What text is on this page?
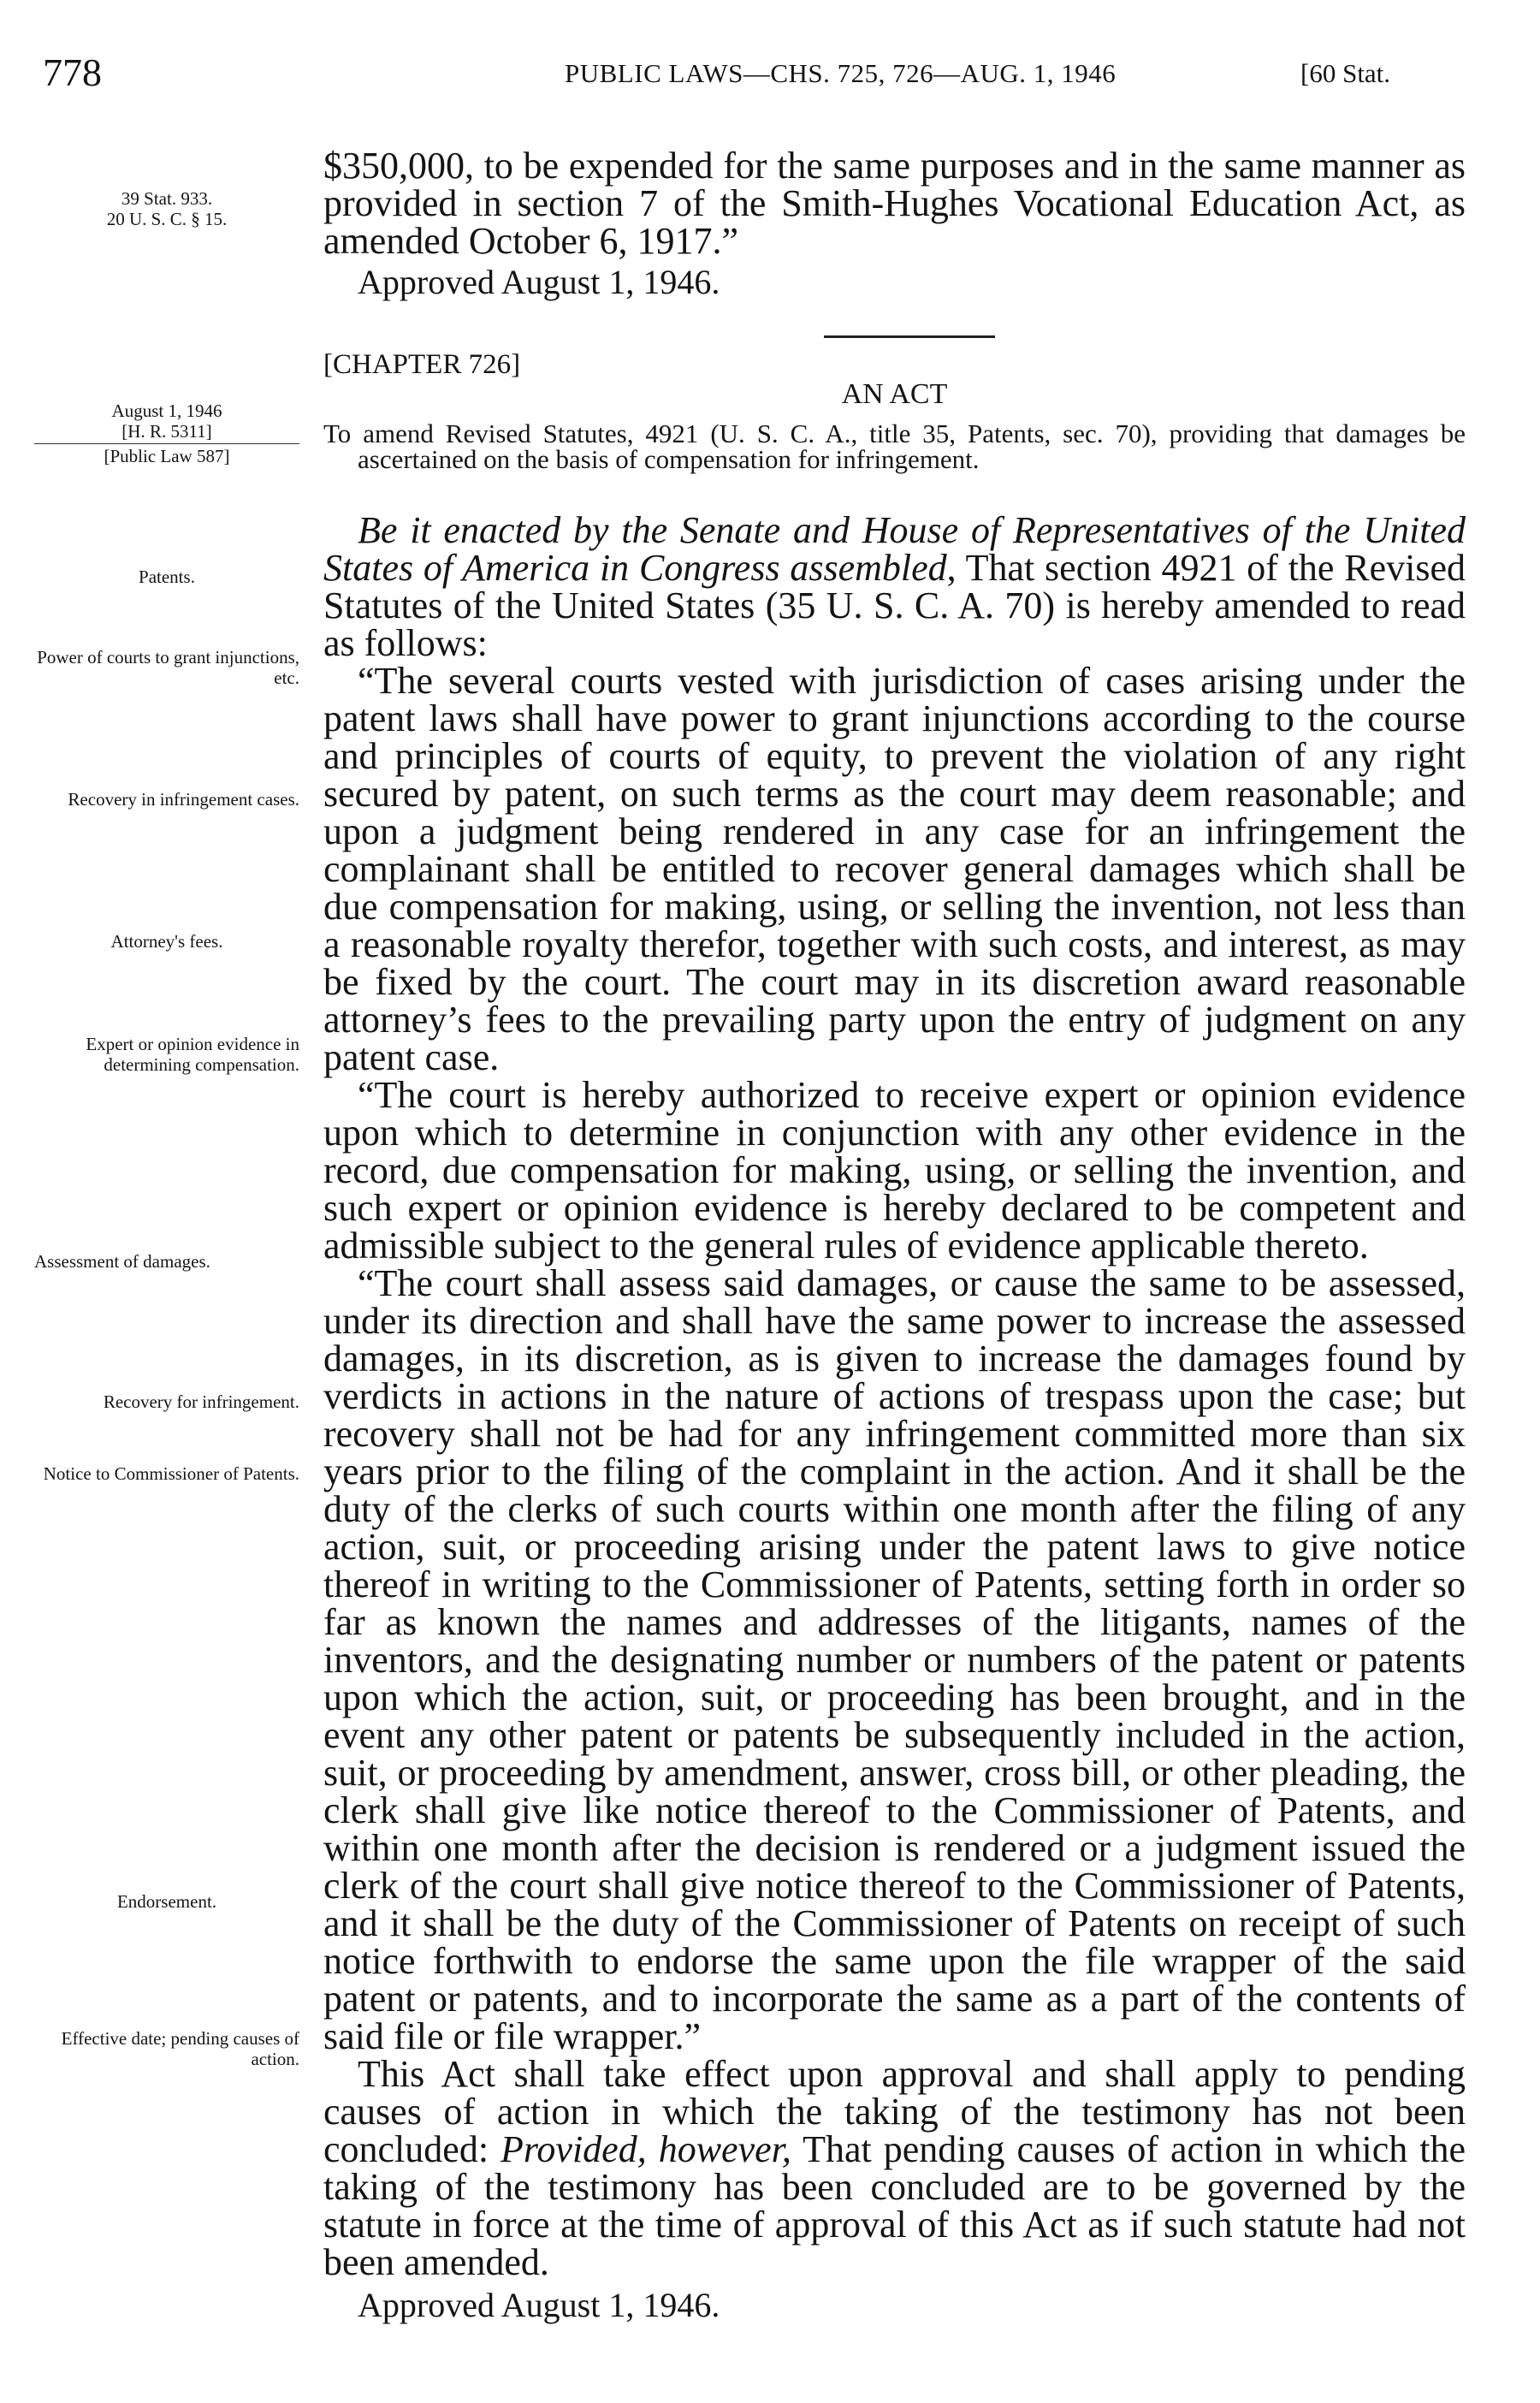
778	PUBLIC LAWS—CHS. 725, 726—AUG. 1, 1946	[60 Stat.
39 Stat. 933.
20 U. S. C. § 15.
August 1, 1946
[H. R. 5311]
[Public Law 587]
Patents.
Power of courts to grant injunctions, etc.
Recovery in infringement cases.
Attorney's fees.
Expert or opinion evidence in determining compensation.
Assessment of damages.
Recovery for infringement.
Notice to Commissioner of Patents.
Endorsement.
Effective date; pending causes of action.

$350,000, to be expended for the same purposes and in the same manner as provided in section 7 of the Smith-Hughes Vocational Education Act, as amended October 6, 1917.”

Approved August 1, 1946.

[CHAPTER 726]
AN ACT

To amend Revised Statutes, 4921 (U. S. C. A., title 35, Patents, sec. 70), providing that damages be ascertained on the basis of compensation for infringement.

Be it enacted by the Senate and House of Representatives of the United States of America in Congress assembled, That section 4921 of the Revised Statutes of the United States (35 U. S. C. A. 70) is hereby amended to read as follows:

“The several courts vested with jurisdiction of cases arising under the patent laws shall have power to grant injunctions according to the course and principles of courts of equity, to prevent the violation of any right secured by patent, on such terms as the court may deem reasonable; and upon a judgment being rendered in any case for an infringement the complainant shall be entitled to recover general damages which shall be due compensation for making, using, or selling the invention, not less than a reasonable royalty therefor, together with such costs, and interest, as may be fixed by the court. The court may in its discretion award reasonable attorney’s fees to the prevailing party upon the entry of judgment on any patent case.

“The court is hereby authorized to receive expert or opinion evidence upon which to determine in conjunction with any other evidence in the record, due compensation for making, using, or selling the invention, and such expert or opinion evidence is hereby declared to be competent and admissible subject to the general rules of evidence applicable thereto.

“The court shall assess said damages, or cause the same to be assessed, under its direction and shall have the same power to increase the assessed damages, in its discretion, as is given to increase the damages found by verdicts in actions in the nature of actions of trespass upon the case; but recovery shall not be had for any infringement committed more than six years prior to the filing of the complaint in the action. And it shall be the duty of the clerks of such courts within one month after the filing of any action, suit, or proceeding arising under the patent laws to give notice thereof in writing to the Commissioner of Patents, setting forth in order so far as known the names and addresses of the litigants, names of the inventors, and the designating number or numbers of the patent or patents upon which the action, suit, or proceeding has been brought, and in the event any other patent or patents be subsequently included in the action, suit, or proceeding by amendment, answer, cross bill, or other pleading, the clerk shall give like notice thereof to the Commissioner of Patents, and within one month after the decision is rendered or a judgment issued the clerk of the court shall give notice thereof to the Commissioner of Patents, and it shall be the duty of the Commissioner of Patents on receipt of such notice forthwith to endorse the same upon the file wrapper of the said patent or patents, and to incorporate the same as a part of the contents of said file or file wrapper.”

This Act shall take effect upon approval and shall apply to pending causes of action in which the taking of the testimony has not been concluded: Provided, however, That pending causes of action in which the taking of the testimony has been concluded are to be governed by the statute in force at the time of approval of this Act as if such statute had not been amended.

Approved August 1, 1946.
